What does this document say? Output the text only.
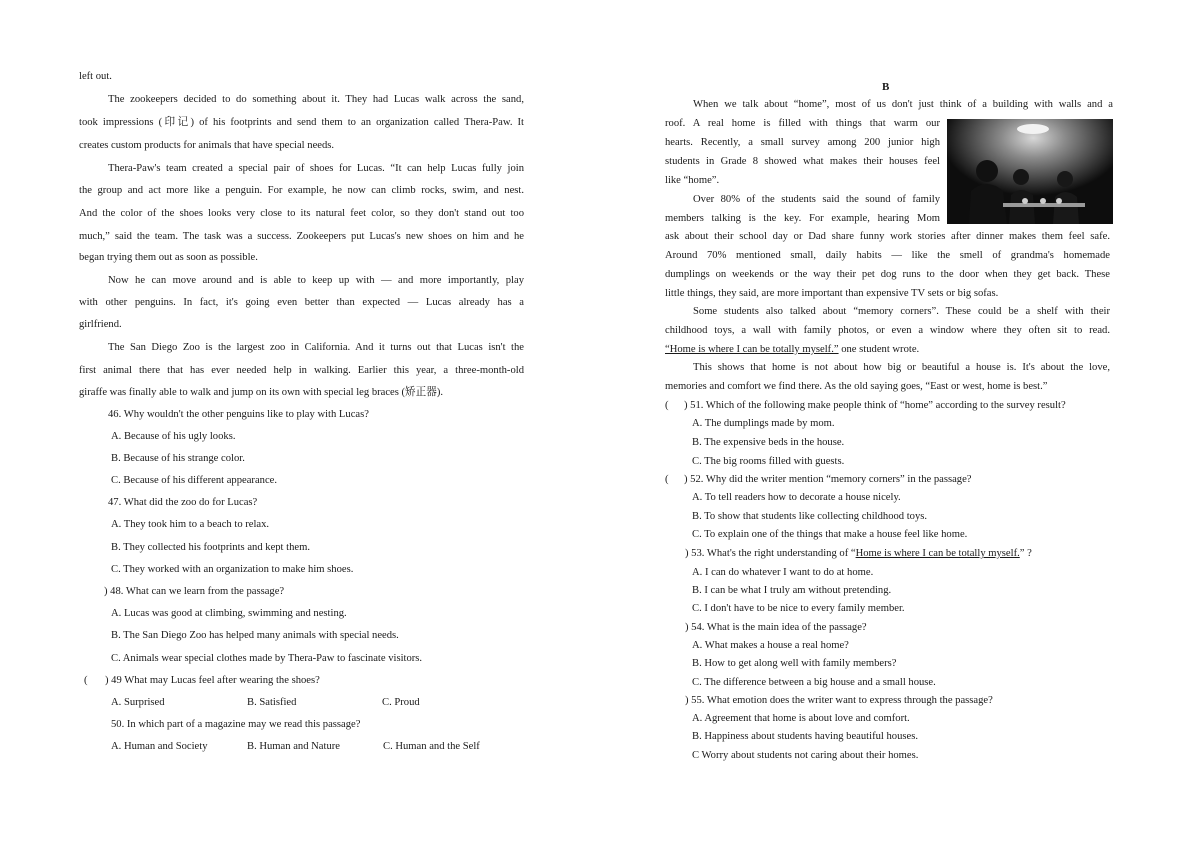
left out.
The zookeepers decided to do something about it. They had Lucas walk across the sand,
took impressions (印记) of his footprints and send them to an organization called Thera-Paw. It
creates custom products for animals that have special needs.
Thera-Paw's team created a special pair of shoes for Lucas. “It can help Lucas fully join
the group and act more like a penguin. For example, he now can climb rocks, swim, and nest.
And the color of the shoes looks very close to its natural feet color, so they don't stand out too
much,” said the team. The task was a success. Zookeepers put Lucas's new shoes on him and he
began trying them out as soon as possible.
Now he can move around and is able to keep up with — and more importantly, play
with other penguins. In fact, it's going even better than expected — Lucas already has a
girlfriend.
The San Diego Zoo is the largest zoo in California. And it turns out that Lucas isn't the
first animal there that has ever needed help in walking. Earlier this year, a three-month-old
giraffe was finally able to walk and jump on its own with special leg braces (矫正器).
46. Why wouldn't the other penguins like to play with Lucas?
A. Because of his ugly looks.
B. Because of his strange color.
C. Because of his different appearance.
47. What did the zoo do for Lucas?
A. They took him to a beach to relax.
B. They collected his footprints and kept them.
C. They worked with an organization to make him shoes.
) 48. What can we learn from the passage?
A. Lucas was good at climbing, swimming and nesting.
B. The San Diego Zoo has helped many animals with special needs.
C. Animals wear special clothes made by Thera-Paw to fascinate visitors.
( ) 49 What may Lucas feel after wearing the shoes?
A. Surprised	B. Satisfied	C. Proud
50. In which part of a magazine may we read this passage?
A. Human and Society	B. Human and Nature	C. Human and the Self
B
When we talk about “home”, most of us don't just think of a building with walls and a
roof. A real home is filled with things that warm our
hearts. Recently, a small survey among 200 junior high
students in Grade 8 showed what makes their houses feel
like “home”.
Over 80% of the students said the sound of family
members talking is the key. For example, hearing Mom
ask about their school day or Dad share funny work stories after dinner makes them feel safe.
Around 70% mentioned small, daily habits — like the smell of grandma's homemade
dumplings on weekends or the way their pet dog runs to the door when they get back. These
little things, they said, are more important than expensive TV sets or big sofas.
Some students also talked about “memory corners”. These could be a shelf with their
childhood toys, a wall with family photos, or even a window where they often sit to read.
“Home is where I can be totally myself.” one student wrote.
This shows that home is not about how big or beautiful a house is. It's about the love,
memories and comfort we find there. As the old saying goes, “East or west, home is best.”
( ) 51. Which of the following make people think of “home” according to the survey result?
A. The dumplings made by mom.
B. The expensive beds in the house.
C. The big rooms filled with guests.
( ) 52. Why did the writer mention “memory corners” in the passage?
A. To tell readers how to decorate a house nicely.
B. To show that students like collecting childhood toys.
C. To explain one of the things that make a house feel like home.
) 53. What's the right understanding of “Home is where I can be totally myself.” ?
A. I can do whatever I want to do at home.
B. I can be what I truly am without pretending.
C. I don't have to be nice to every family member.
) 54. What is the main idea of the passage?
A. What makes a house a real home?
B. How to get along well with family members?
C. The difference between a big house and a small house.
) 55. What emotion does the writer want to express through the passage?
A. Agreement that home is about love and comfort.
B. Happiness about students having beautiful houses.
C Worry about students not caring about their homes.
